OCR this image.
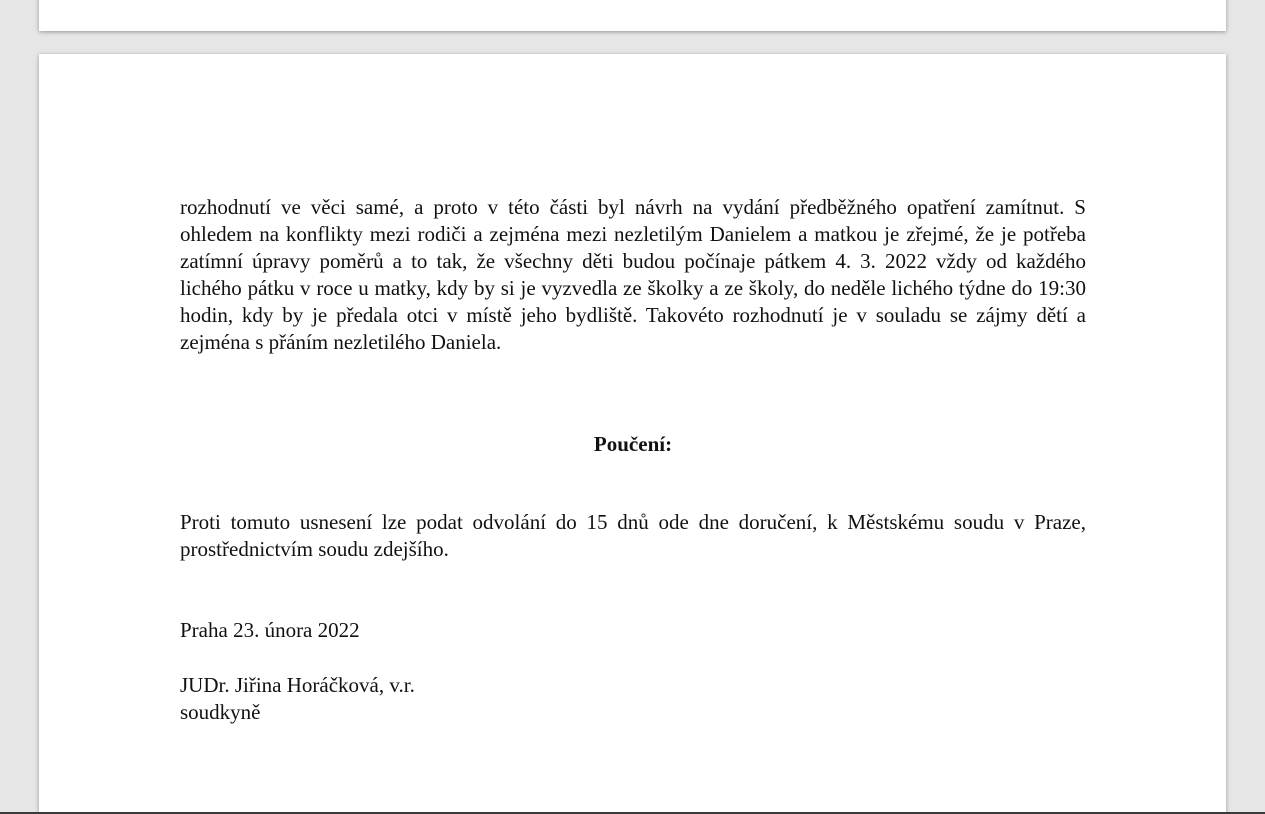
rozhodnutí ve věci samé, a proto v této části byl návrh na vydání předběžného opatření zamítnut. S ohledem na konflikty mezi rodiči a zejména mezi nezletilým Danielem a matkou je zřejmé, že je potřeba zatímní úpravy poměrů a to tak, že všechny děti budou počínaje pátkem 4. 3. 2022 vždy od každého lichého pátku v roce u matky, kdy by si je vyzvedla ze školky a ze školy, do neděle lichého týdne do 19:30 hodin, kdy by je předala otci v místě jeho bydliště. Takovéto rozhodnutí je v souladu se zájmy dětí a zejména s přáním nezletilého Daniela.

Poučení:

Proti tomuto usnesení lze podat odvolání do 15 dnů ode dne doručení, k Městskému soudu v Praze, prostřednictvím soudu zdejšího.

Praha 23. února 2022
JUDr. Jiřina Horáčková, v.r.
soudkyně
